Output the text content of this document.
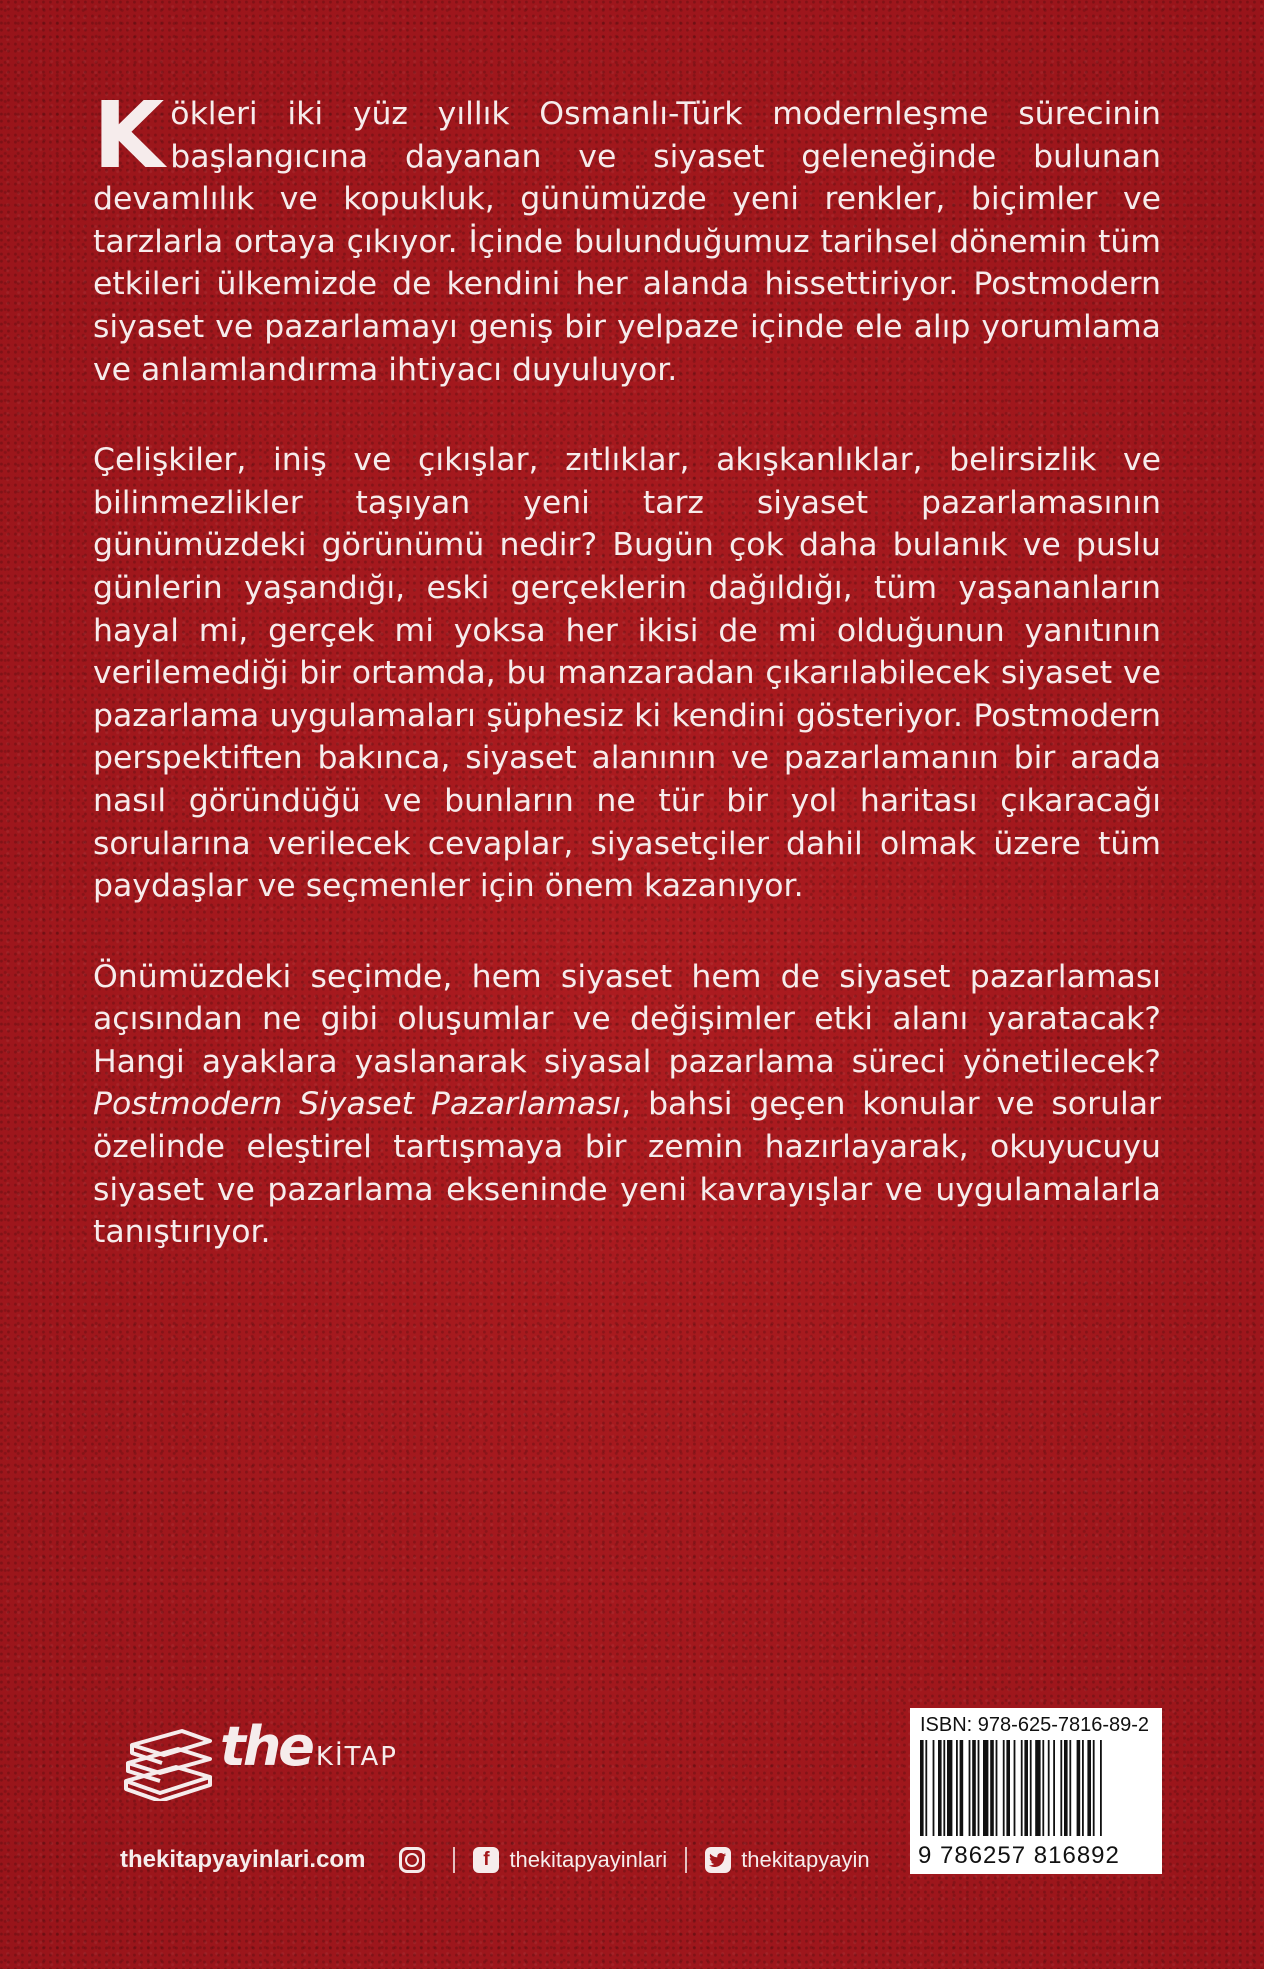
Kökleri iki yüz yıllık Osmanlı-Türk modernleşme sürecinin başlangıcına dayanan ve siyaset geleneğinde bulunan devamlılık ve kopukluk, günümüzde yeni renkler, biçimler ve tarzlarla ortaya çıkıyor. İçinde bulunduğumuz tarihsel dönemin tüm etkileri ülkemizde de kendini her alanda hissettiriyor. Postmodern siyaset ve pazarlamayı geniş bir yelpaze içinde ele alıp yorumlama ve anlamlandırma ihtiyacı duyuluyor.

Çelişkiler, iniş ve çıkışlar, zıtlıklar, akışkanlıklar, belirsizlik ve bilinmezlikler taşıyan yeni tarz siyaset pazarlamasının günümüzdeki görünümü nedir? Bugün çok daha bulanık ve puslu günlerin yaşandığı, eski gerçeklerin dağıldığı, tüm yaşananların hayal mi, gerçek mi yoksa her ikisi de mi olduğunun yanıtının verilemediği bir ortamda, bu manzaradan çıkarılabilecek siyaset ve pazarlama uygulamaları şüphesiz ki kendini gösteriyor. Postmodern perspektiften bakınca, siyaset alanının ve pazarlamanın bir arada nasıl göründüğü ve bunların ne tür bir yol haritası çıkaracağı sorularına verilecek cevaplar, siyasetçiler dahil olmak üzere tüm paydaşlar ve seçmenler için önem kazanıyor.

Önümüzdeki seçimde, hem siyaset hem de siyaset pazarlaması açısından ne gibi oluşumlar ve değişimler etki alanı yaratacak? Hangi ayaklara yaslanarak siyasal pazarlama süreci yönetilecek? Postmodern Siyaset Pazarlaması, bahsi geçen konular ve sorular özelinde eleştirel tartışmaya bir zemin hazırlayarak, okuyucuyu siyaset ve pazarlama ekseninde yeni kavrayışlar ve uygulamalarla tanıştırıyor.

the KİTAP
thekitapyayinlari.com	f thekitapyayinlari	thekitapyayin
ISBN: 978-625-7816-89-2
9 786257 816892
